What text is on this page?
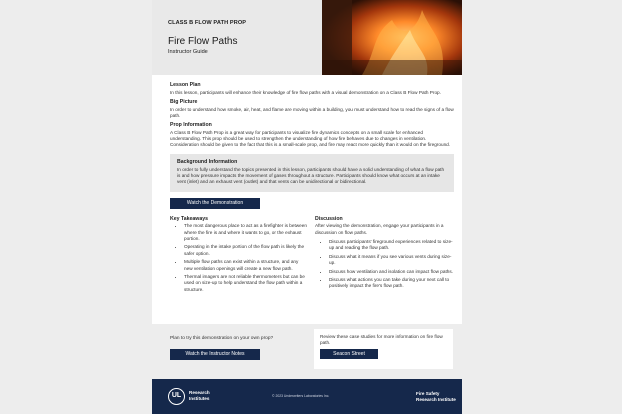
CLASS B FLOW PATH PROP
Fire Flow Paths
Instructor Guide
Lesson Plan
In this lesson, participants will enhance their knowledge of fire flow paths with a visual demonstration on a Class B Flow Path Prop.
Big Picture
In order to understand how smoke, air, heat, and flame are moving within a building, you must understand how to read the signs of a flow path.
Prop Information
A Class B Flow Path Prop is a great way for participants to visualize fire dynamics concepts on a small scale for enhanced understanding. This prop should be used to strengthen the understanding of how fire behaves due to changes in ventilation. Consideration should be given to the fact that this is a small-scale prop, and fire may react more quickly than it would on the fireground.
Background Information
In order to fully understand the topics presented in this lesson, participants should have a solid understanding of what a flow path is and how pressure impacts the movement of gases throughout a structure. Participants should know what occurs at an intake vent (inlet) and an exhaust vent (outlet) and that vents can be unidirectional or bidirectional.
Watch the Demonstration
Key Takeaways
• The most dangerous place to act as a firefighter is between where the fire is and where it wants to go, or the exhaust portion.
• Operating in the intake portion of the flow path is likely the safer option.
• Multiple flow paths can exist within a structure, and any new ventilation openings will create a new flow path.
• Thermal imagers are not reliable thermometers but can be used on size-up to help understand the flow path within a structure.
Discussion
After viewing the demonstration, engage your participants in a discussion on flow paths.
• Discuss participants' fireground experiences related to size-up and reading the flow path.
• Discuss what it means if you see various vents during size-up.
• Discuss how ventilation and isolation can impact flow paths.
• Discuss what actions you can take during your next call to positively impact the fire's flow path.
Plan to try this demonstration on your own prop?
Watch the Instructor Notes
Review these case studies for more information on fire flow path.
Seacon Street
UL	Research
Institutes	© 2023 Underwriters Laboratories Inc.	Fire Safety
Research Institute
